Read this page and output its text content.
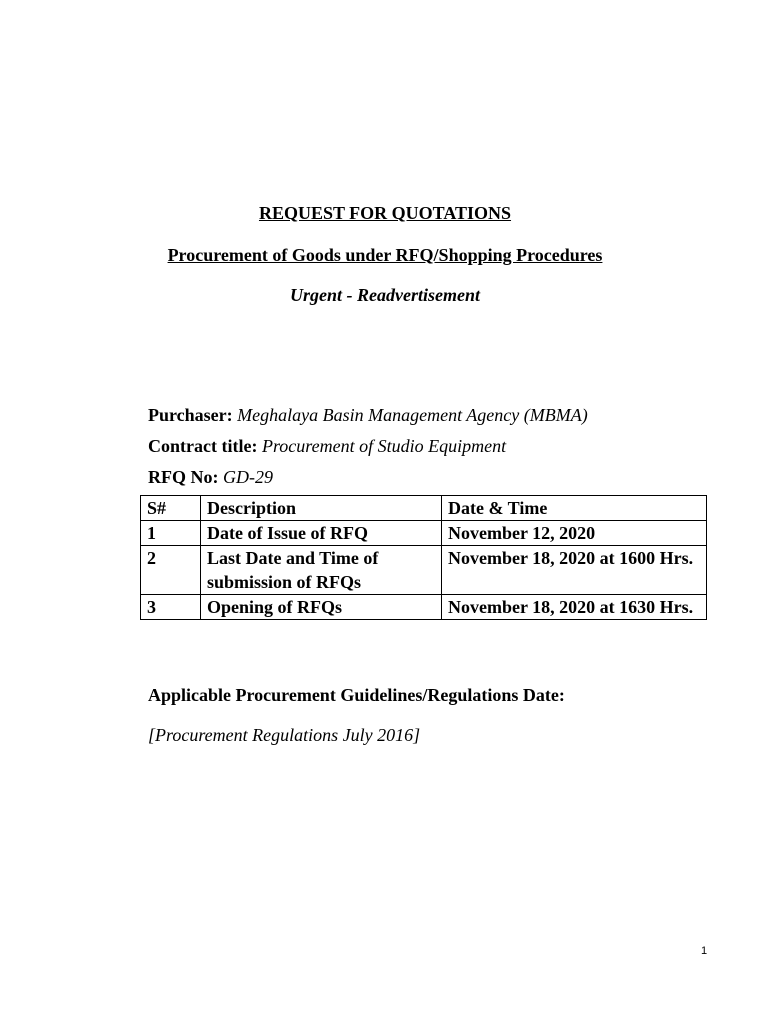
REQUEST FOR QUOTATIONS
Procurement of Goods under RFQ/Shopping Procedures
Urgent - Readvertisement
Purchaser: Meghalaya Basin Management Agency (MBMA)
Contract title: Procurement of Studio Equipment
RFQ No: GD-29
S#	Description	Date & Time
1	Date of Issue of RFQ	November 12, 2020
2	Last Date and Time of submission of RFQs	November 18, 2020 at 1600 Hrs.
3	Opening of RFQs	November 18, 2020 at 1630 Hrs.
Applicable Procurement Guidelines/Regulations Date:
[Procurement Regulations July 2016]
1
